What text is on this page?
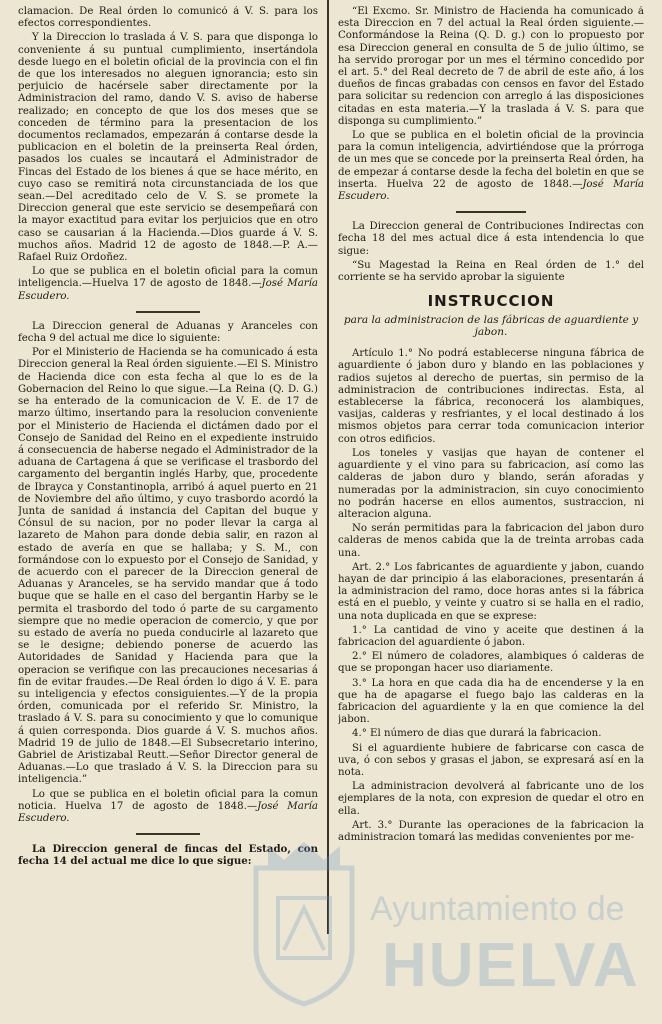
clamacion. De Real órden lo comunicó á V. S. para los efectos correspondientes.

Y la Direccion lo traslada á V. S. para que disponga lo conveniente á su puntual cumplimiento, insertándola desde luego en el boletin oficial de la provincia con el fin de que los interesados no aleguen ignorancia; esto sin perjuicio de hacérsele saber directamente por la Administracion del ramo, dando V. S. aviso de haberse realizado; en concepto de que los dos meses que se conceden de término para la presentacion de los documentos reclamados, empezarán á contarse desde la publicacion en el boletin de la preinserta Real órden, pasados los cuales se incautará el Administrador de Fincas del Estado de los bienes á que se hace mérito, en cuyo caso se remitirá nota circunstanciada de los que sean.—Del acreditado celo de V. S. se promete la Direccion general que este servicio se desempeñará con la mayor exactitud para evitar los perjuicios que en otro caso se causarian á la Hacienda.—Dios guarde á V. S. muchos años. Madrid 12 de agosto de 1848.—P. A.—Rafael Ruiz Ordoñez.

Lo que se publica en el boletin oficial para la comun inteligencia.—Huelva 17 de agosto de 1848.—José María Escudero.

La Direccion general de Aduanas y Aranceles con fecha 9 del actual me dice lo siguiente:

Por el Ministerio de Hacienda se ha comunicado á esta Direccion general la Real órden siguiente.—El S. Ministro de Hacienda dice con esta fecha al que lo es de la Gobernacion del Reino lo que sigue.—La Reina (Q. D. G.) se ha enterado de la comunicacion de V. E. de 17 de marzo último, insertando para la resolucion conveniente por el Ministerio de Hacienda el dictámen dado por el Consejo de Sanidad del Reino en el expediente instruido á consecuencia de haberse negado el Administrador de la aduana de Cartagena á que se verificase el trasbordo del cargamento del bergantin inglés Harby, que, procedente de Ibrayca y Constantinopla, arribó á aquel puerto en 21 de Noviembre del año último, y cuyo trasbordo acordó la Junta de sanidad á instancia del Capitan del buque y Cónsul de su nacion, por no poder llevar la carga al lazareto de Mahon para donde debia salir, en razon al estado de avería en que se hallaba; y S. M., con formándose con lo expuesto por el Consejo de Sanidad, y de acuerdo con el parecer de la Direccion general de Aduanas y Aranceles, se ha servido mandar que á todo buque que se halle en el caso del bergantin Harby se le permita el trasbordo del todo ó parte de su cargamento siempre que no medie operacion de comercio, y que por su estado de avería no pueda conducirle al lazareto que se le designe; debiendo ponerse de acuerdo las Autoridades de Sanidad y Hacienda para que la operacion se verifique con las precauciones necesarias á fin de evitar fraudes.—De Real órden lo digo á V. E. para su inteligencia y efectos consiguientes.—Y de la propia órden, comunicada por el referido Sr. Ministro, la traslado á V. S. para su conocimiento y que lo comunique á quien corresponda. Dios guarde á V. S. muchos años. Madrid 19 de julio de 1848.—El Subsecretario interino, Gabriel de Aristizabal Reutt.—Señor Director general de Aduanas.—Lo que traslado á V. S. la Direccion para su inteligencia.”

Lo que se publica en el boletin oficial para la comun noticia. Huelva 17 de agosto de 1848.—José María Escudero.

La Direccion general de fincas del Estado, con fecha 14 del actual me dice lo que sigue:

“El Excmo. Sr. Ministro de Hacienda ha comunicado á esta Direccion en 7 del actual la Real órden siguiente.—Conformándose la Reina (Q. D. g.) con lo propuesto por esa Direccion general en consulta de 5 de julio último, se ha servido prorogar por un mes el término concedido por el art. 5.° del Real decreto de 7 de abril de este año, á los dueños de fincas grabadas con censos en favor del Estado para solicitar su redencion con arreglo á las disposiciones citadas en esta materia.—Y la traslada á V. S. para que disponga su cumplimiento.”

Lo que se publica en el boletin oficial de la provincia para la comun inteligencia, advirtiéndose que la prórroga de un mes que se concede por la preinserta Real órden, ha de empezar á contarse desde la fecha del boletin en que se inserta. Huelva 22 de agosto de 1848.—José María Escudero.

La Direccion general de Contribuciones Indirectas con fecha 18 del mes actual dice á esta intendencia lo que sigue:

“Su Magestad la Reina en Real órden de 1.° del corriente se ha servido aprobar la siguiente

INSTRUCCION
para la administracion de las fábricas de aguardiente y jabon.

Artículo 1.° No podrá establecerse ninguna fábrica de aguardiente ó jabon duro y blando en las poblaciones y radios sujetos al derecho de puertas, sin permiso de la administracion de contribuciones indirectas. Esta, al establecerse la fábrica, reconocerá los alambiques, vasijas, calderas y resfriantes, y el local destinado á los mismos objetos para cerrar toda comunicacion interior con otros edificios.

Los toneles y vasijas que hayan de contener el aguardiente y el vino para su fabricacion, así como las calderas de jabon duro y blando, serán aforadas y numeradas por la administracion, sin cuyo conocimiento no podrán hacerse en ellos aumentos, sustraccion, ni alteracion alguna.

No serán permitidas para la fabricacion del jabon duro calderas de menos cabida que la de treinta arrobas cada una.

Art. 2.° Los fabricantes de aguardiente y jabon, cuando hayan de dar principio á las elaboraciones, presentarán á la administracion del ramo, doce horas antes si la fábrica está en el pueblo, y veinte y cuatro si se halla en el radio, una nota duplicada en que se exprese:

1.° La cantidad de vino y aceite que destinen á la fabricacion del aguardiente ó jabon.

2.° El número de coladores, alambiques ó calderas de que se propongan hacer uso diariamente.

3.° La hora en que cada dia ha de encenderse y la en que ha de apagarse el fuego bajo las calderas en la fabricacion del aguardiente y la en que comience la del jabon.

4.° El número de dias que durará la fabricacion.

Si el aguardiente hubiere de fabricarse con casca de uva, ó con sebos y grasas el jabon, se expresará así en la nota.

La administracion devolverá al fabricante uno de los ejemplares de la nota, con expresion de quedar el otro en ella.

Art. 3.° Durante las operaciones de la fabricacion la administracion tomará las medidas convenientes por me-

Ayuntamiento de
HUELVA
